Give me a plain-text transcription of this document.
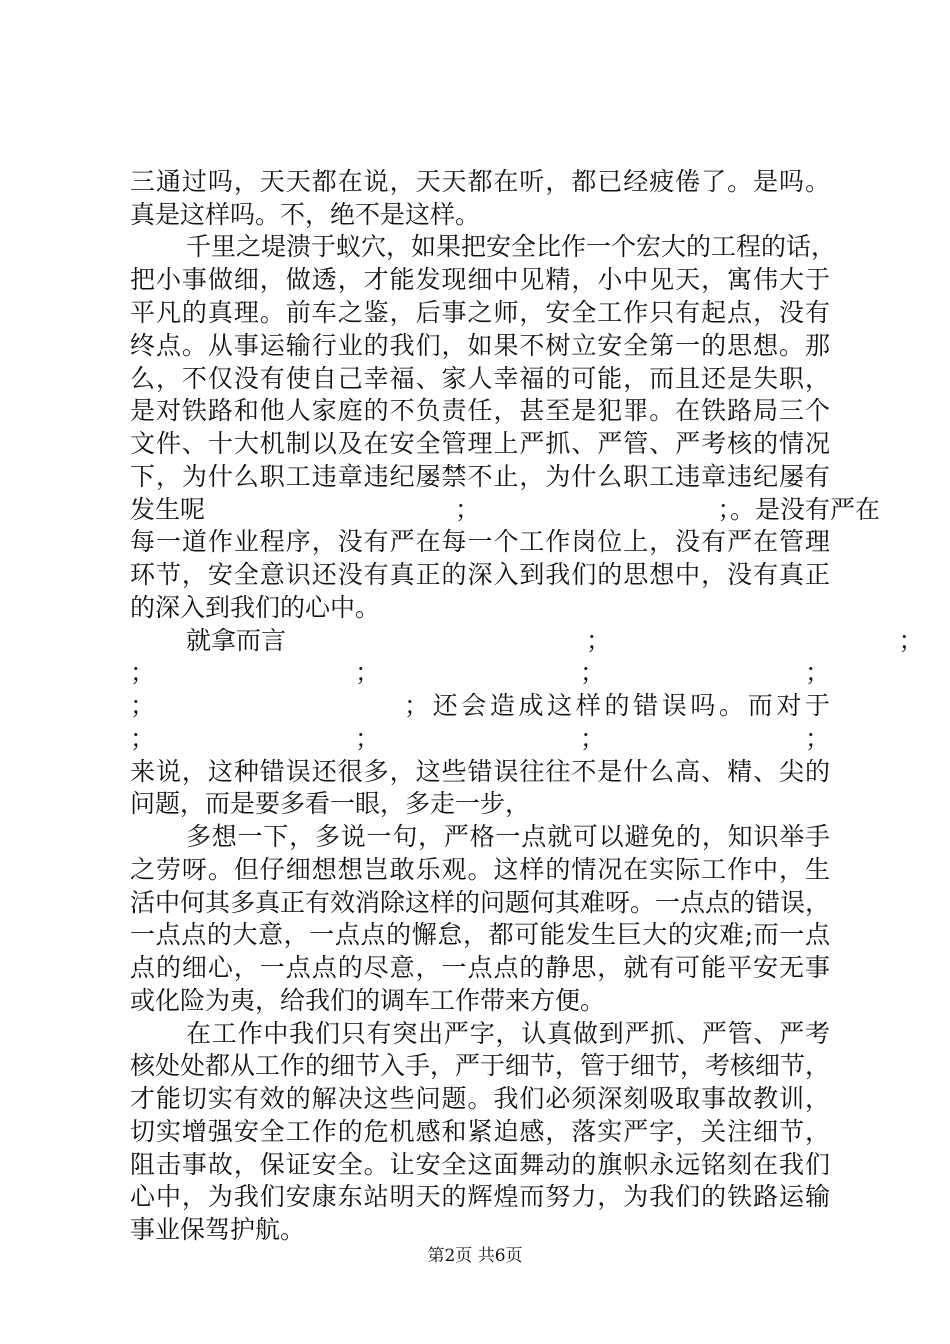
三通过吗，天天都在说，天天都在听，都已经疲倦了。是吗。
真是这样吗。不，绝不是这样。
千里之堤溃于蚁穴，如果把安全比作一个宏大的工程的话，
把小事做细，做透，才能发现细中见精，小中见天，寓伟大于
平凡的真理。前车之鉴，后事之师，安全工作只有起点，没有
终点。从事运输行业的我们，如果不树立安全第一的思想。那
么，不仅没有使自己幸福、家人幸福的可能，而且还是失职，
是对铁路和他人家庭的不负责任，甚至是犯罪。在铁路局三个
文件、十大机制以及在安全管理上严抓、严管、严考核的情况
下，为什么职工违章违纪屡禁不止，为什么职工违章违纪屡有
发生呢　　　　　　　　　　；　　　　　　　　　　；。是没有严在
每一道作业程序，没有严在每一个工作岗位上，没有严在管理
环节，安全意识还没有真正的深入到我们的思想中，没有真正
的深入到我们的心中。
就拿而言　　　　　　　　　　　　；　　　　　　　　　　　　；
；　　　　　　　　；　　　　　　　　；　　　　　　　　；
；　　　　　　　　　；还会造成这样的错误吗。而对于
；　　　　　　　　；　　　　　　　　；　　　　　　　　；
来说，这种错误还很多，这些错误往往不是什么高、精、尖的
问题，而是要多看一眼，多走一步，
多想一下，多说一句，严格一点就可以避免的，知识举手
之劳呀。但仔细想想岂敢乐观。这样的情况在实际工作中，生
活中何其多真正有效消除这样的问题何其难呀。一点点的错误，
一点点的大意，一点点的懈怠，都可能发生巨大的灾难;而一点
点的细心，一点点的尽意，一点点的静思，就有可能平安无事
或化险为夷，给我们的调车工作带来方便。
在工作中我们只有突出严字，认真做到严抓、严管、严考
核处处都从工作的细节入手，严于细节，管于细节，考核细节，
才能切实有效的解决这些问题。我们必须深刻吸取事故教训，
切实增强安全工作的危机感和紧迫感，落实严字，关注细节，
阻击事故，保证安全。让安全这面舞动的旗帜永远铭刻在我们
心中，为我们安康东站明天的辉煌而努力，为我们的铁路运输
事业保驾护航。
第2页 共6页
